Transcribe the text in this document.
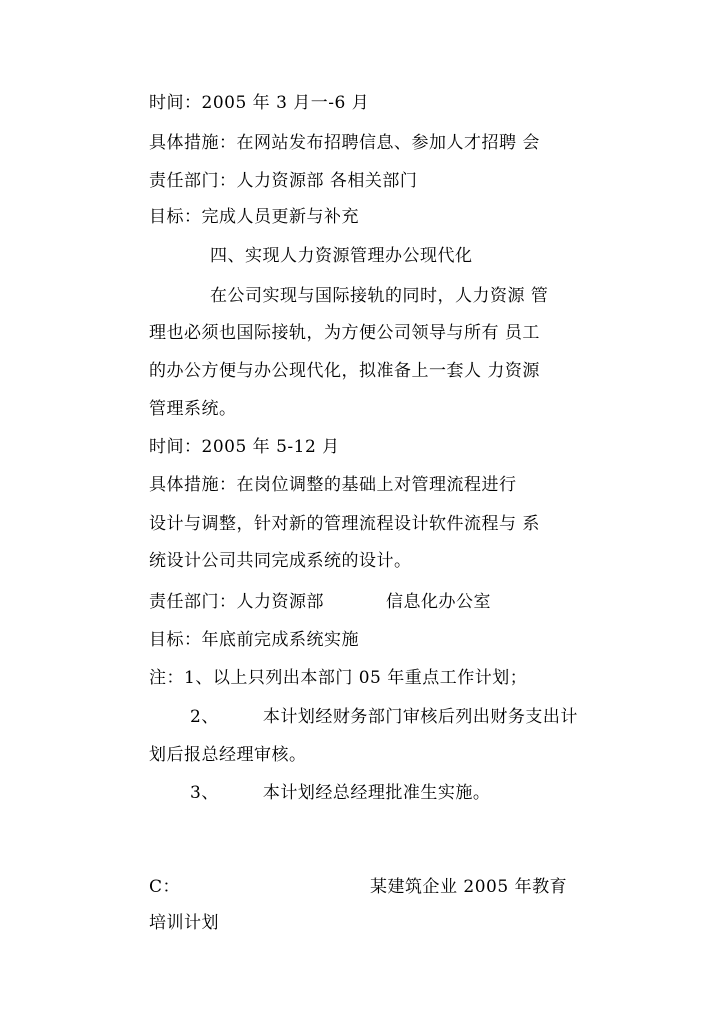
时间：2005 年 3 月一-6 月
具体措施：在网站发布招聘信息、参加人才招聘 会
责任部门：人力资源部 各相关部门
目标：完成人员更新与补充
四、实现人力资源管理办公现代化
在公司实现与国际接轨的同时，人力资源 管
理也必须也国际接轨，为方便公司领导与所有 员工
的办公方便与办公现代化，拟准备上一套人 力资源
管理系统。
时间：2005 年 5-12 月
具体措施：在岗位调整的基础上对管理流程进行
设计与调整，针对新的管理流程设计软件流程与 系
统设计公司共同完成系统的设计。
责任部门：人力资源部	信息化办公室
目标：年底前完成系统实施
注：1、以上只列出本部门 05 年重点工作计划；
2、	本计划经财务部门审核后列出财务支出计
划后报总经理审核。
3、	本计划经总经理批准生实施。
C：	某建筑企业 2005 年教育
培训计划
